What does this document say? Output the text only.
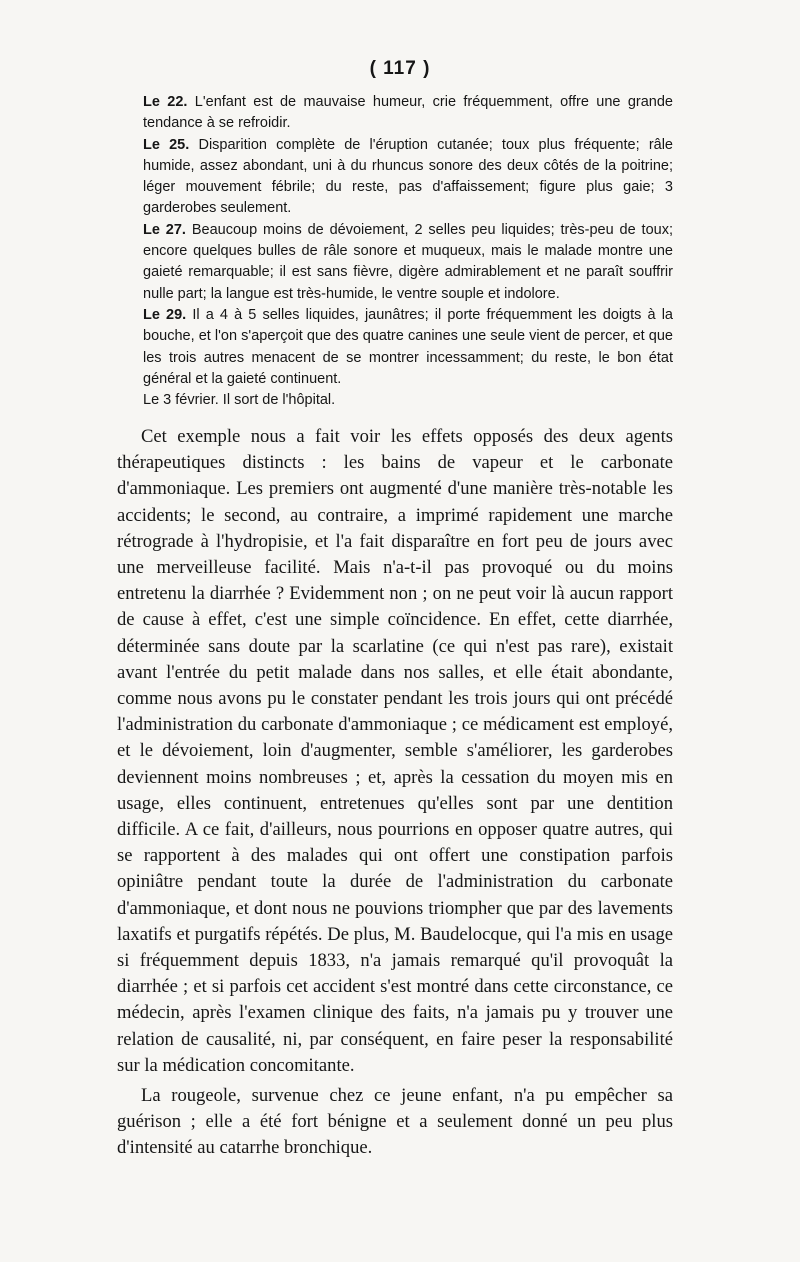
( 117 )

Le 22. L'enfant est de mauvaise humeur, crie fréquemment, offre une grande tendance à se refroidir.

Le 25. Disparition complète de l'éruption cutanée; toux plus fréquente; râle humide, assez abondant, uni à du rhuncus sonore des deux côtés de la poitrine; léger mouvement fébrile; du reste, pas d'affaissement; figure plus gaie; 3 garderobes seulement.

Le 27. Beaucoup moins de dévoiement, 2 selles peu liquides; très-peu de toux; encore quelques bulles de râle sonore et muqueux, mais le malade montre une gaieté remarquable; il est sans fièvre, digère admirablement et ne paraît souffrir nulle part; la langue est très-humide, le ventre souple et indolore.

Le 29. Il a 4 à 5 selles liquides, jaunâtres; il porte fréquemment les doigts à la bouche, et l'on s'aperçoit que des quatre canines une seule vient de percer, et que les trois autres menacent de se montrer incessamment; du reste, le bon état général et la gaieté continuent.

Le 3 février. Il sort de l'hôpital.

Cet exemple nous a fait voir les effets opposés des deux agents thérapeutiques distincts : les bains de vapeur et le carbonate d'ammoniaque. Les premiers ont augmenté d'une manière très-notable les accidents; le second, au contraire, a imprimé rapidement une marche rétrograde à l'hydropisie, et l'a fait disparaître en fort peu de jours avec une merveilleuse facilité. Mais n'a-t-il pas provoqué ou du moins entretenu la diarrhée ? Evidemment non ; on ne peut voir là aucun rapport de cause à effet, c'est une simple coïncidence. En effet, cette diarrhée, déterminée sans doute par la scarlatine (ce qui n'est pas rare), existait avant l'entrée du petit malade dans nos salles, et elle était abondante, comme nous avons pu le constater pendant les trois jours qui ont précédé l'administration du carbonate d'ammoniaque ; ce médicament est employé, et le dévoiement, loin d'augmenter, semble s'améliorer, les garderobes deviennent moins nombreuses ; et, après la cessation du moyen mis en usage, elles continuent, entretenues qu'elles sont par une dentition difficile. A ce fait, d'ailleurs, nous pourrions en opposer quatre autres, qui se rapportent à des malades qui ont offert une constipation parfois opiniâtre pendant toute la durée de l'administration du carbonate d'ammoniaque, et dont nous ne pouvions triompher que par des lavements laxatifs et purgatifs répétés. De plus, M. Baudelocque, qui l'a mis en usage si fréquemment depuis 1833, n'a jamais remarqué qu'il provoquât la diarrhée ; et si parfois cet accident s'est montré dans cette circonstance, ce médecin, après l'examen clinique des faits, n'a jamais pu y trouver une relation de causalité, ni, par conséquent, en faire peser la responsabilité sur la médication concomitante.

La rougeole, survenue chez ce jeune enfant, n'a pu empêcher sa guérison ; elle a été fort bénigne et a seulement donné un peu plus d'intensité au catarrhe bronchique.
